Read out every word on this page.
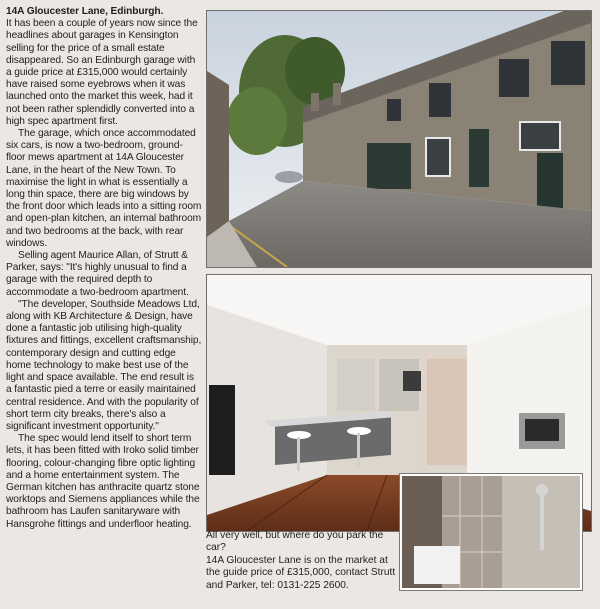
14A Gloucester Lane, Edinburgh.
It has been a couple of years now since the headlines about garages in Kensington selling for the price of a small estate disappeared. So an Edinburgh garage with a guide price at £315,000 would certainly have raised some eyebrows when it was launched onto the market this week, had it not been rather splendidly converted into a high spec apartment first.

The garage, which once accommodated six cars, is now a two-bedroom, ground-floor mews apartment at 14A Gloucester Lane, in the heart of the New Town. To maximise the light in what is essentially a long thin space, there are big windows by the front door which leads into a sitting room and open-plan kitchen, an internal bathroom and two bedrooms at the back, with rear windows.

Selling agent Maurice Allan, of Strutt & Parker, says: "It's highly unusual to find a garage with the required depth to accommodate a two-bedroom apartment.

"The developer, Southside Meadows Ltd, along with KB Architecture & Design, have done a fantastic job utilising high-quality fixtures and fittings, excellent craftsmanship, contemporary design and cutting edge home technology to make best use of the light and space available. The end result is a fantastic pied a terre or easily maintained central residence. And with the popularity of short term city breaks, there's also a significant investment opportunity."

The spec would lend itself to short term lets, it has been fitted with Iroko solid timber flooring, colour-changing fibre optic lighting and a home entertainment system. The German kitchen has anthracite quartz stone worktops and Siemens appliances while the bathroom has Laufen sanitaryware with Hansgrohe fittings and underfloor heating.

All very well, but where do you park the car?

14A Gloucester Lane is on the market at the guide price of £315,000, contact Strutt and Parker, tel: 0131-225 2600.
